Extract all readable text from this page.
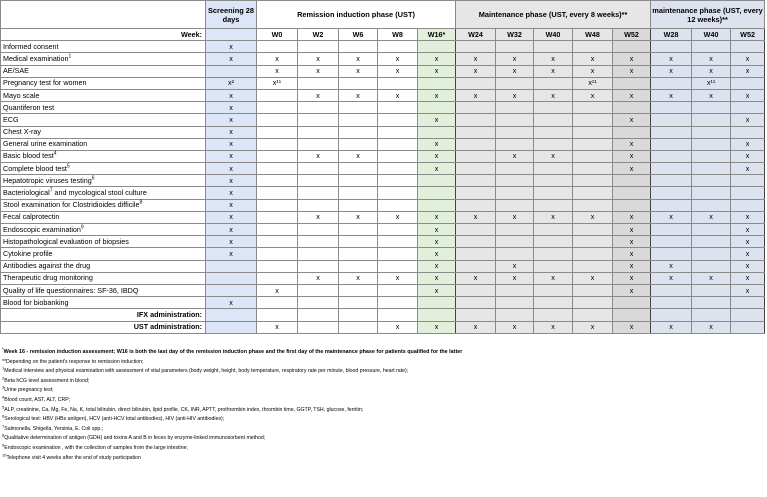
	Screening 28 days	Remission induction phase (UST)					Maintenance phase (UST, every 8 weeks)**					maintenance phase (UST, every 12 weeks)**		
Week:		W0	W2	W6	W8	W16*	W24	W32	W40	W48	W52	W28	W40	W52
Informed consent	x													
Medical examination$^1$	x	x	x	x	x	x	x	x	x	x	x	x	x	x
AE/SAE		x	x	x	x	x	x	x	x	x	x	x	x	x
Pregnancy test for women	x²	x¹¹								x¹¹			x¹¹	
Mayo scale	x		x	x	x	x	x	x	x	x	x	x	x	x
Quantiferon test	x													
ECG	x					x					x			x
Chest X-ray	x													
General urine examination	x					x					x			x
Basic blood test$^4$	x		x	x		x		x	x		x			x
Complete blood test$^5$	x					x					x			x
Hepatotropic viruses testing$^6$	x													
Bacteriological$^7$ and mycological stool culture	x													
Stool examination for Clostridioides difficile$^8$	x													
Fecal calprotectin	x		x	x	x	x	x	x	x	x	x	x	x	x
Endoscopic examination$^9$	x					x					x			x
Histopathological evaluation of biopsies	x					x					x			x
Cytokine profile	x					x					x			x
Antibodies against the drug						x		x			x	x		x
Therapeutic drug monitoring			x	x	x	x	x	x	x	x	x	x	x	x
Quality of life questionnaires: SF-36, IBDQ		x				x					x			x
Blood for biobanking	x													
IFX administration:														
UST administration:		x			x	x	x	x	x	x	x	x	x	
*Week 16 - remission induction assessment; W16 is both the last day of the remission induction phase and the first day of the maintenance phase for patients qualified for the latter
**Depending on the patient's response to remission induction;
$^1$Medical interview and physical examination with assessment of vital parameters (body weight, height, body temperature, respiratory rate per minute, blood pressure, heart rate);
$^2$Beta hCG level assessment in blood;
$^3$Urine pregnancy test;
$^4$Blood count, AST, ALT, CRP;
$^5$ALP, creatinine, Ca, Mg, Fe, Na, K, total bilirubin, direct bilirubin, lipid profile, CK, INR, APTT, prothrombin index, thrombin time, GGTP, TSH, glucose, ferritin;
$^6$Serological test: HBV (HBs antigen), HCV (anti-HCV total antibodies), HIV (anti-HIV antibodies);
$^7$Salmonella, Shigella, Yersinia, E. Coli spp.;
$^8$Qualitative determination of antigen (GDH) and toxins A and B in feces by enzyme-linked immunosorbent method;
$^9$Endoscopic examination , with the collection of samples from the large intestine;
$^{10}$Telephone visit 4 weeks after the end of study participation
